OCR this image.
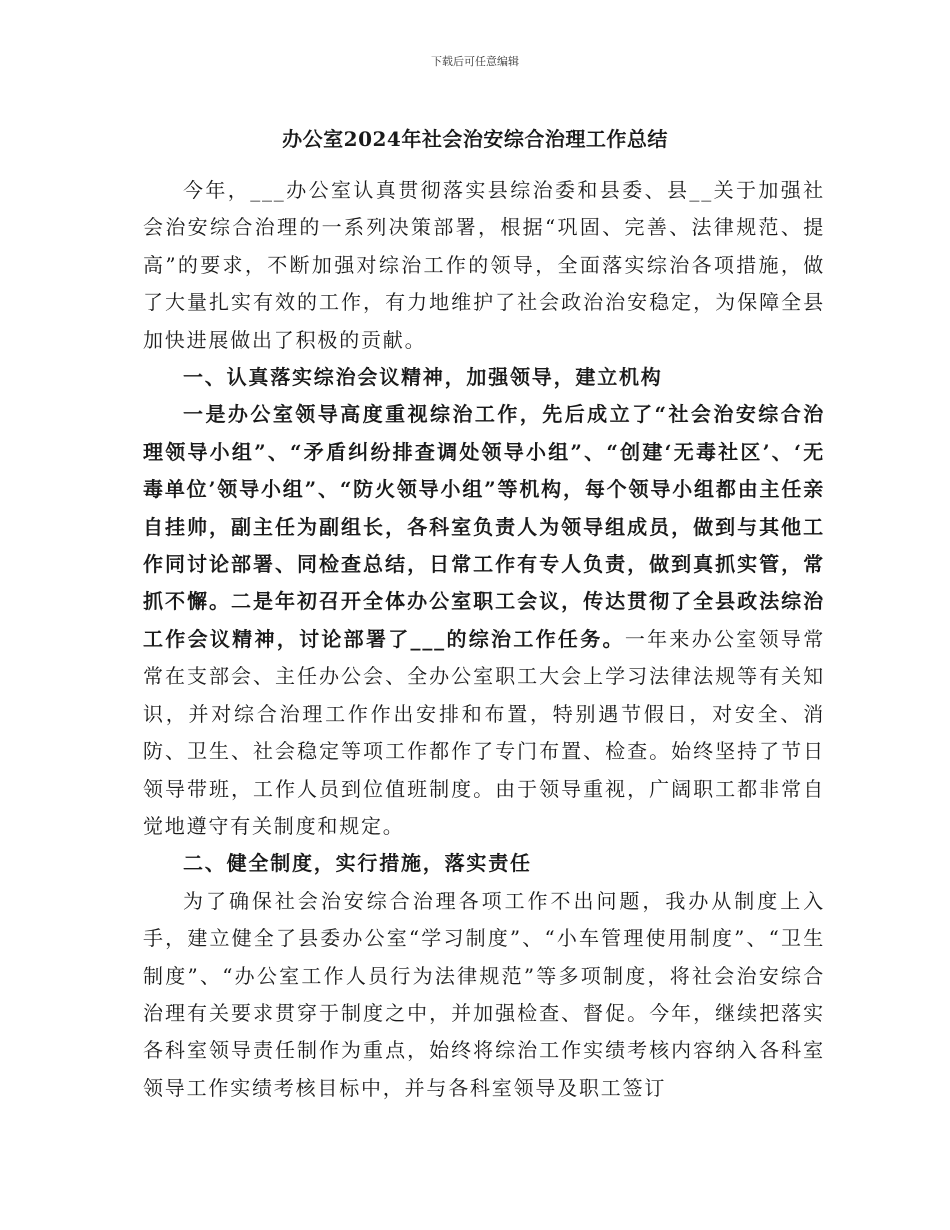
下载后可任意编辑
办公室2024年社会治安综合治理工作总结

今年，___办公室认真贯彻落实县综治委和县委、县__关于加强社会治安综合治理的一系列决策部署，根据“巩固、完善、法律规范、提高”的要求，不断加强对综治工作的领导，全面落实综治各项措施，做了大量扎实有效的工作，有力地维护了社会政治治安稳定，为保障全县加快进展做出了积极的贡献。

一、认真落实综治会议精神，加强领导，建立机构

一是办公室领导高度重视综治工作，先后成立了“社会治安综合治理领导小组”、“矛盾纠纷排查调处领导小组”、“创建‘无毒社区’、‘无毒单位’领导小组”、“防火领导小组”等机构，每个领导小组都由主任亲自挂帅，副主任为副组长，各科室负责人为领导组成员，做到与其他工作同讨论部署、同检查总结，日常工作有专人负责，做到真抓实管，常抓不懈。二是年初召开全体办公室职工会议，传达贯彻了全县政法综治工作会议精神，讨论部署了___的综治工作任务。一年来办公室领导常常在支部会、主任办公会、全办公室职工大会上学习法律法规等有关知识，并对综合治理工作作出安排和布置，特别遇节假日，对安全、消防、卫生、社会稳定等项工作都作了专门布置、检查。始终坚持了节日领导带班，工作人员到位值班制度。由于领导重视，广阔职工都非常自觉地遵守有关制度和规定。

二、健全制度，实行措施，落实责任

为了确保社会治安综合治理各项工作不出问题，我办从制度上入手，建立健全了县委办公室“学习制度”、“小车管理使用制度”、“卫生制度”、“办公室工作人员行为法律规范”等多项制度，将社会治安综合治理有关要求贯穿于制度之中，并加强检查、督促。今年，继续把落实各科室领导责任制作为重点，始终将综治工作实绩考核内容纳入各科室领导工作实绩考核目标中，并与各科室领导及职工签订
